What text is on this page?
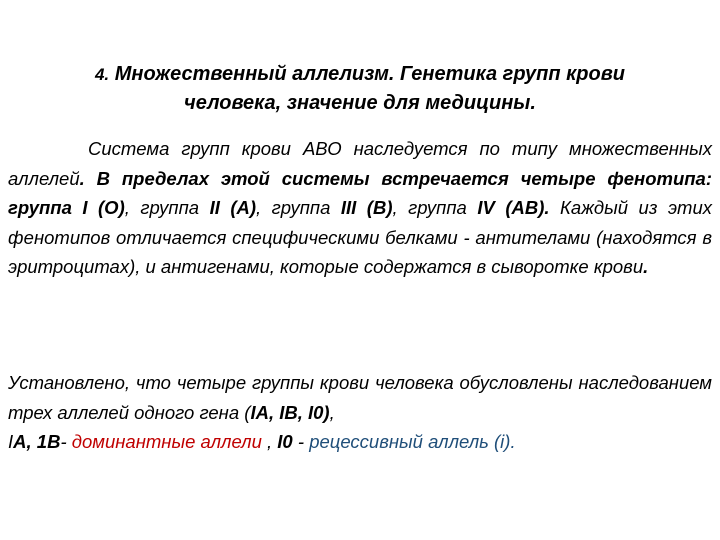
4. Множественный аллелизм. Генетика групп крови
человека, значение для медицины.
Система групп крови АВО наследуется по типу множественных аллелей. В пределах этой системы встречается четыре фенотипа: группа I (O), группа II (A), группа III (B), группа IV (AB). Каждый из этих фенотипов отличается специфическими белками - антителами (находятся в эритроцитах), и антигенами, которые содержатся в сыворотке крови.
Установлено, что четыре группы крови человека обусловлены наследованием трех аллелей одного гена (IA, IB, I0),
IA, 1B- доминантные аллели , I0 - рецессивный аллель (i).
